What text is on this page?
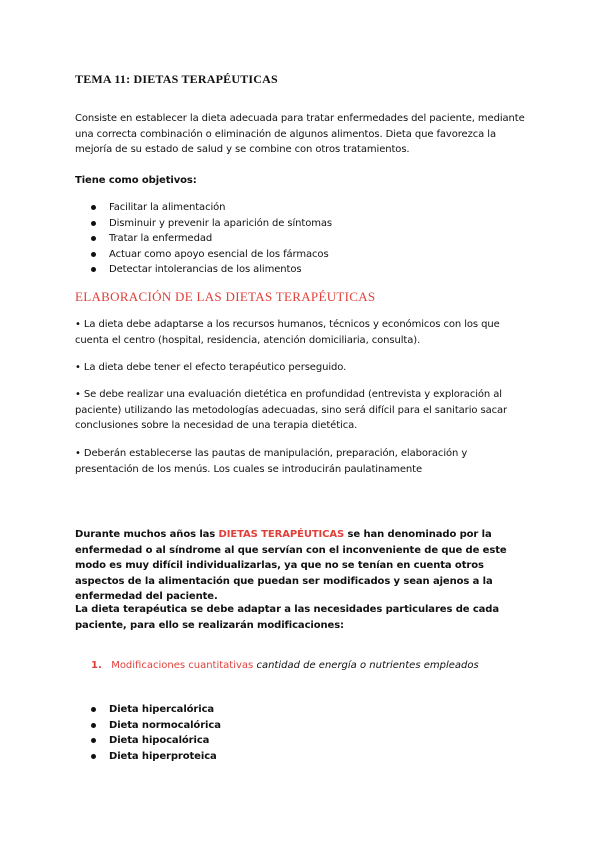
TEMA 11: DIETAS TERAPÉUTICAS
Consiste en establecer la dieta adecuada para tratar enfermedades del paciente, mediante una correcta combinación o eliminación de algunos alimentos. Dieta que favorezca la mejoría de su estado de salud y se combine con otros tratamientos.
Tiene como objetivos:
Facilitar la alimentación
Disminuir y prevenir la aparición de síntomas
Tratar la enfermedad
Actuar como apoyo esencial de los fármacos
Detectar intolerancias de los alimentos
ELABORACIÓN DE LAS DIETAS TERAPÉUTICAS
• La dieta debe adaptarse a los recursos humanos, técnicos y económicos con los que cuenta el centro (hospital, residencia, atención domiciliaria, consulta).
• La dieta debe tener el efecto terapéutico perseguido.
• Se debe realizar una evaluación dietética en profundidad (entrevista y exploración al paciente) utilizando las metodologías adecuadas, sino será difícil para el sanitario sacar conclusiones sobre la necesidad de una terapia dietética.
• Deberán establecerse las pautas de manipulación, preparación, elaboración y presentación de los menús. Los cuales se introducirán paulatinamente
Durante muchos años las DIETAS TERAPÉUTICAS se han denominado por la enfermedad o al síndrome al que servían con el inconveniente de que de este modo es muy difícil individualizarlas, ya que no se tenían en cuenta otros aspectos de la alimentación que puedan ser modificados y sean ajenos a la enfermedad del paciente.
La dieta terapéutica se debe adaptar a las necesidades particulares de cada paciente, para ello se realizarán modificaciones:
1. Modificaciones cuantitativas cantidad de energía o nutrientes empleados
Dieta hipercalórica
Dieta normocalórica
Dieta hipocalórica
Dieta hiperproteica
